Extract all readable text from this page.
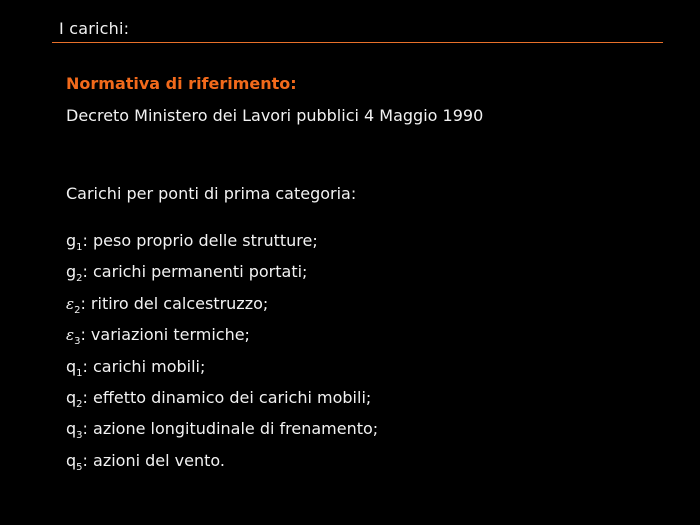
I carichi:

Normativa di riferimento:

Decreto Ministero dei Lavori pubblici 4 Maggio 1990

Carichi per ponti di prima categoria:

$g_1$: peso proprio delle strutture;
$g_2$: carichi permanenti portati;
$\varepsilon_2$: ritiro del calcestruzzo;
$\varepsilon_3$: variazioni termiche;
$q_1$: carichi mobili;
$q_2$: effetto dinamico dei carichi mobili;
$q_3$: azione longitudinale di frenamento;
$q_5$: azioni del vento.
